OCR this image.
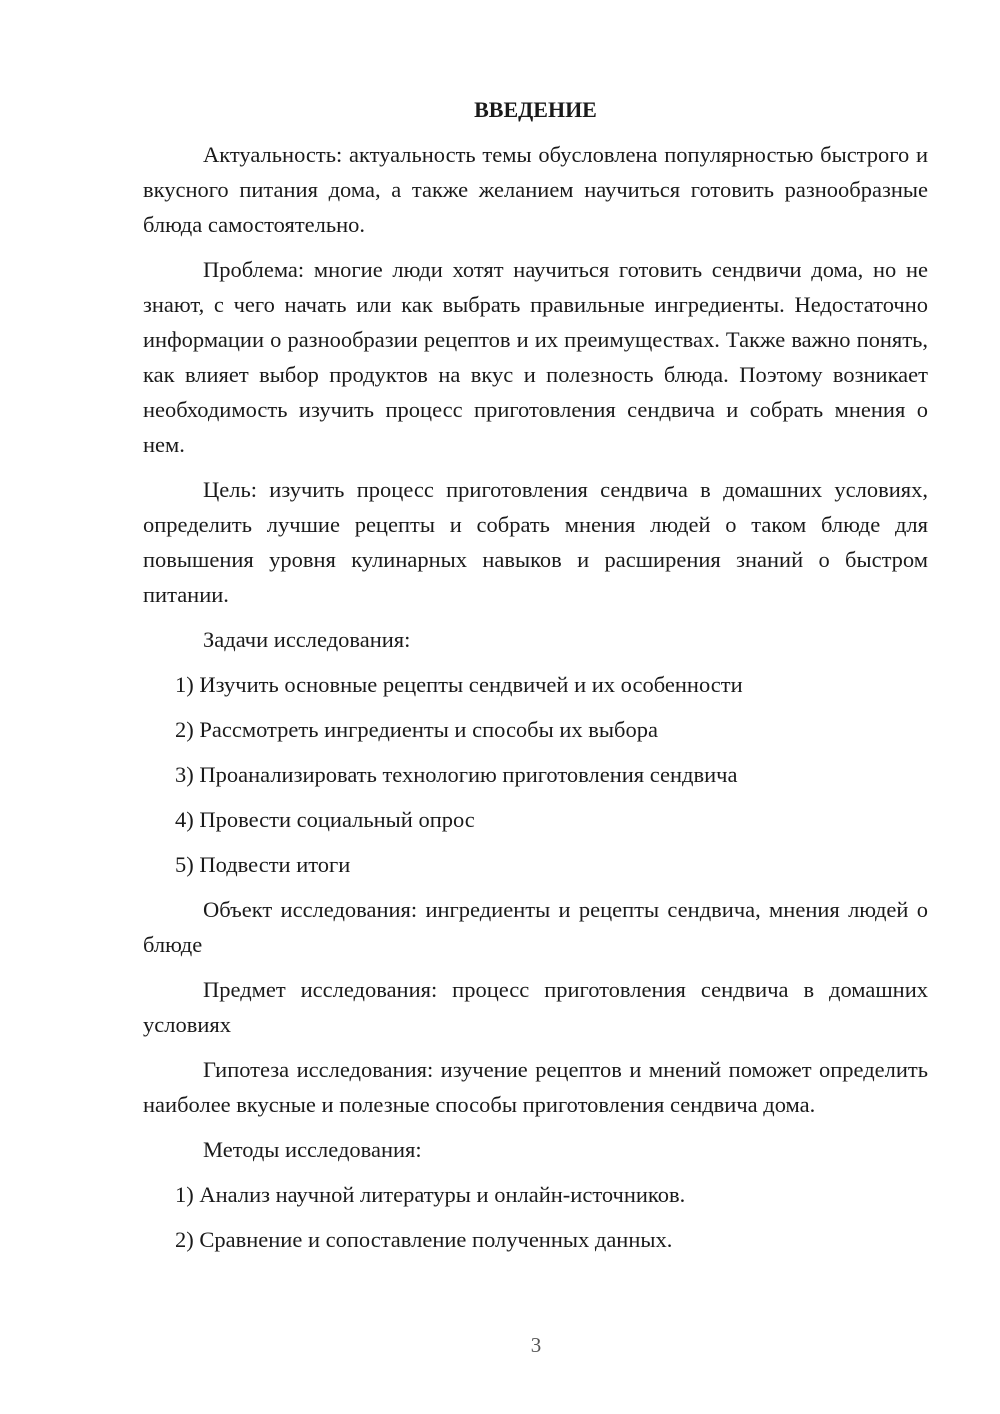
ВВЕДЕНИЕ

Актуальность: актуальность темы обусловлена популярностью быстрого и вкусного питания дома, а также желанием научиться готовить разнообразные блюда самостоятельно.

Проблема: многие люди хотят научиться готовить сендвичи дома, но не знают, с чего начать или как выбрать правильные ингредиенты. Недостаточно информации о разнообразии рецептов и их преимуществах. Также важно понять, как влияет выбор продуктов на вкус и полезность блюда. Поэтому возникает необходимость изучить процесс приготовления сендвича и собрать мнения о нем.

Цель: изучить процесс приготовления сендвича в домашних условиях, определить лучшие рецепты и собрать мнения людей о таком блюде для повышения уровня кулинарных навыков и расширения знаний о быстром питании.

Задачи исследования:

1) Изучить основные рецепты сендвичей и их особенности

2) Рассмотреть ингредиенты и способы их выбора

3) Проанализировать технологию приготовления сендвича

4) Провести социальный опрос

5) Подвести итоги

Объект исследования: ингредиенты и рецепты сендвича, мнения людей о блюде

Предмет исследования: процесс приготовления сендвича в домашних условиях

Гипотеза исследования: изучение рецептов и мнений поможет определить наиболее вкусные и полезные способы приготовления сендвича дома.

Методы исследования:

1) Анализ научной литературы и онлайн-источников.

2) Сравнение и сопоставление полученных данных.

3
